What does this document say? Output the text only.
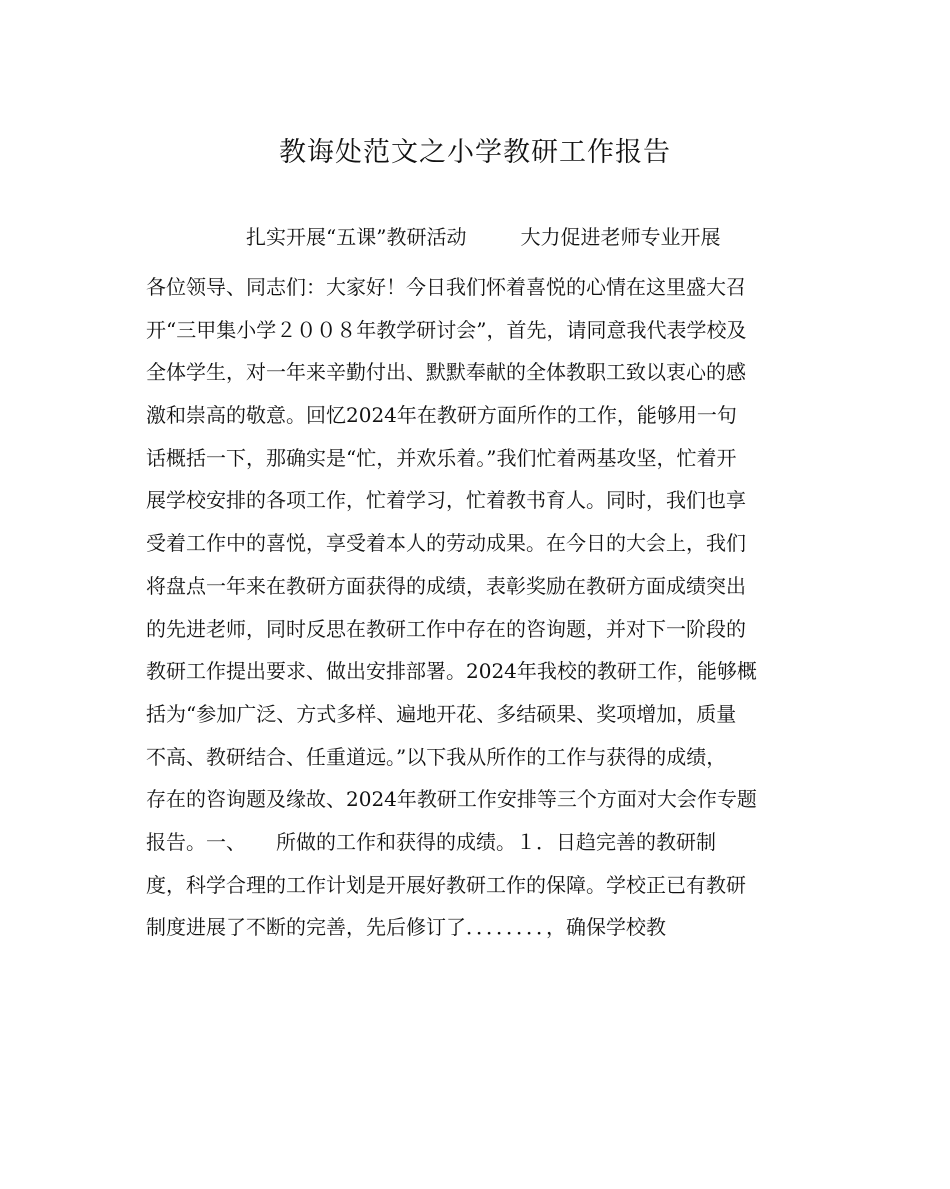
教诲处范文之小学教研工作报告
扎实开展“五课”教研活动	大力促进老师专业开展
各位领导、同志们：大家好！今日我们怀着喜悦的心情在这里盛大召
开“三甲集小学２００８年教学研讨会”，首先，请同意我代表学校及
全体学生，对一年来辛勤付出、默默奉献的全体教职工致以衷心的感
激和崇高的敬意。回忆2024年在教研方面所作的工作，能够用一句
话概括一下，那确实是“忙，并欢乐着。”我们忙着两基攻坚，忙着开
展学校安排的各项工作，忙着学习，忙着教书育人。同时，我们也享
受着工作中的喜悦，享受着本人的劳动成果。在今日的大会上，我们
将盘点一年来在教研方面获得的成绩，表彰奖励在教研方面成绩突出
的先进老师，同时反思在教研工作中存在的咨询题，并对下一阶段的
教研工作提出要求、做出安排部署。2024年我校的教研工作，能够概
括为“参加广泛、方式多样、遍地开花、多结硕果、奖项增加，质量
不高、教研结合、任重道远。”以下我从所作的工作与获得的成绩，
存在的咨询题及缘故、2024年教研工作安排等三个方面对大会作专题
报告。一、　　所做的工作和获得的成绩。１．日趋完善的教研制
度，科学合理的工作计划是开展好教研工作的保障。学校正已有教研
制度进展了不断的完善，先后修订了．．．．．．．．，确保学校教
